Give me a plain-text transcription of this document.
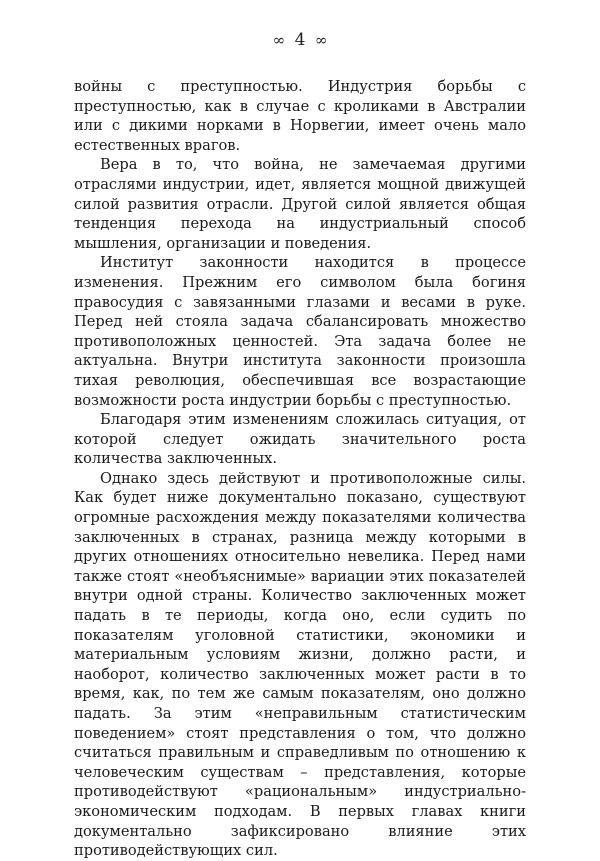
∞ 4 ∞

войны с преступностью. Индустрия борьбы с преступностью, как в случае с кроликами в Австралии или с дикими норками в Норвегии, имеет очень мало естественных врагов.

Вера в то, что война, не замечаемая другими отраслями индустрии, идет, является мощной движущей силой развития отрасли. Другой силой является общая тенденция перехода на индустриальный способ мышления, организации и поведения.

Институт законности находится в процессе изменения. Прежним его символом была богиня правосудия с завязанными глазами и весами в руке. Перед ней стояла задача сбалансировать множество противоположных ценностей. Эта задача более не актуальна. Внутри института законности произошла тихая революция, обеспечившая все возрастающие возможности роста индустрии борьбы с преступностью.

Благодаря этим изменениям сложилась ситуация, от которой следует ожидать значительного роста количества заключенных.

Однако здесь действуют и противоположные силы. Как будет ниже документально показано, существуют огромные расхождения между показателями количества заключенных в странах, разница между которыми в других отношениях относительно невелика. Перед нами также стоят «необъяснимые» вариации этих показателей внутри одной страны. Количество заключенных может падать в те периоды, когда оно, если судить по показателям уголовной статистики, экономики и материальным условиям жизни, должно расти, и наоборот, количество заключенных может расти в то время, как, по тем же самым показателям, оно должно падать. За этим «неправильным статистическим поведением» стоят представления о том, что должно считаться правильным и справедливым по отношению к человеческим существам – представления, которые противодействуют «рациональным» индустриально-экономическим подходам. В первых главах книги документально зафиксировано влияние этих противодействующих сил.
